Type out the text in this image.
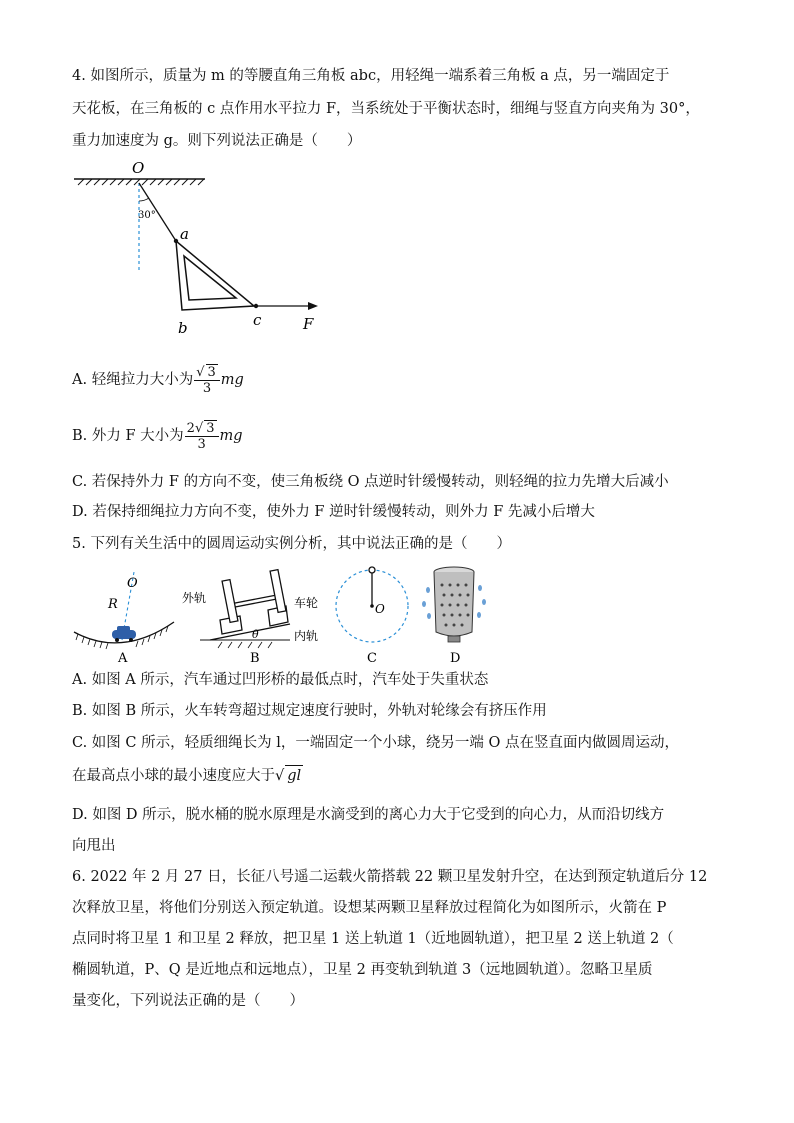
4. 如图所示，质量为 m 的等腰直角三角板 abc，用轻绳一端系着三角板 a 点，另一端固定于
天花板，在三角板的 c 点作用水平拉力 F，当系统处于平衡状态时，细绳与竖直方向夹角为 30°，
重力加速度为 g。则下列说法正确是（　　）
O
30°
a
b	c	F
A. 轻绳拉力大小为 $\frac{√ 3}{3}$ mg
B. 外力 F 大小为 $\frac{2√ 3}{3}$ mg
C. 若保持外力 F 的方向不变，使三角板绕 O 点逆时针缓慢转动，则轻绳的拉力先增大后减小
D. 若保持细绳拉力方向不变，使外力 F 逆时针缓慢转动，则外力 F 先减小后增大
5. 下列有关生活中的圆周运动实例分析，其中说法正确的是（　　）
O
R
A
θ
外轨	车轮
内轨
B
O
C	D
A. 如图 A 所示，汽车通过凹形桥的最低点时，汽车处于失重状态
B. 如图 B 所示，火车转弯超过规定速度行驶时，外轨对轮缘会有挤压作用
C. 如图 C 所示，轻质细绳长为 l，一端固定一个小球，绕另一端 O 点在竖直面内做圆周运动，
在最高点小球的最小速度应大于√ gl
D. 如图 D 所示，脱水桶的脱水原理是水滴受到的离心力大于它受到的向心力，从而沿切线方
向甩出
6. 2022 年 2 月 27 日，长征八号遥二运载火箭搭载 22 颗卫星发射升空，在达到预定轨道后分 12
次释放卫星，将他们分别送入预定轨道。设想某两颗卫星释放过程简化为如图所示，火箭在 P
点同时将卫星 1 和卫星 2 释放，把卫星 1 送上轨道 1（近地圆轨道），把卫星 2 送上轨道 2（
椭圆轨道，P、Q 是近地点和远地点），卫星 2 再变轨到轨道 3（远地圆轨道）。忽略卫星质
量变化，下列说法正确的是（　　）
